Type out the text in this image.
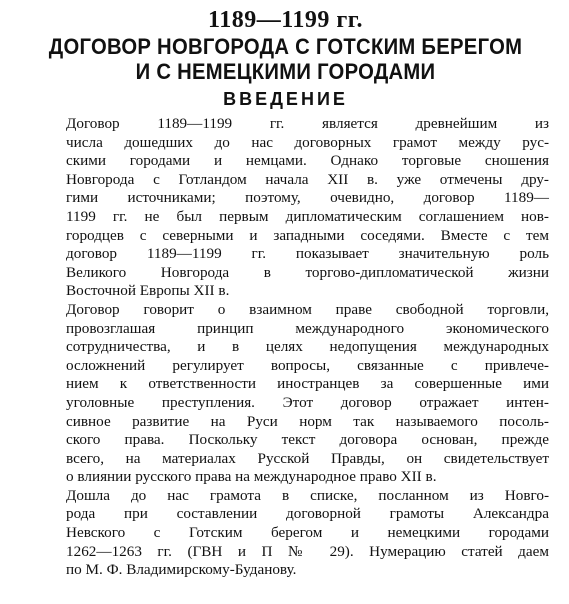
1189—1199 гг.
ДОГОВОР НОВГОРОДА С ГОТСКИМ БЕРЕГОМ
И С НЕМЕЦКИМИ ГОРОДАМИ
ВВЕДЕНИЕ
Договор 1189—1199 гг. является древнейшим из
числа дошедших до нас договорных грамот между рус-
скими городами и немцами. Однако торговые сношения
Новгорода с Готландом начала XII в. уже отмечены дру-
гими источниками; поэтому, очевидно, договор 1189—
1199 гг. не был первым дипломатическим соглашением нов-
городцев с северными и западными соседями. Вместе с тем
договор 1189—1199 гг. показывает значительную роль
Великого Новгорода в торгово-дипломатической жизни
Восточной Европы XII в.
Договор говорит о взаимном праве свободной торговли,
провозглашая принцип международного экономического
сотрудничества, и в целях недопущения международных
осложнений регулирует вопросы, связанные с привлече-
нием к ответственности иностранцев за совершенные ими
уголовные преступления. Этот договор отражает интен-
сивное развитие на Руси норм так называемого посоль-
ского права. Поскольку текст договора основан, прежде
всего, на материалах Русской Правды, он свидетельствует
о влиянии русского права на международное право XII в.
Дошла до нас грамота в списке, посланном из Новго-
рода при составлении договорной грамоты Александра
Невского с Готским берегом и немецкими городами
1262—1263 гг. (ГВН и П № 29). Нумерацию статей даем
по М. Ф. Владимирскому-Буданову.
